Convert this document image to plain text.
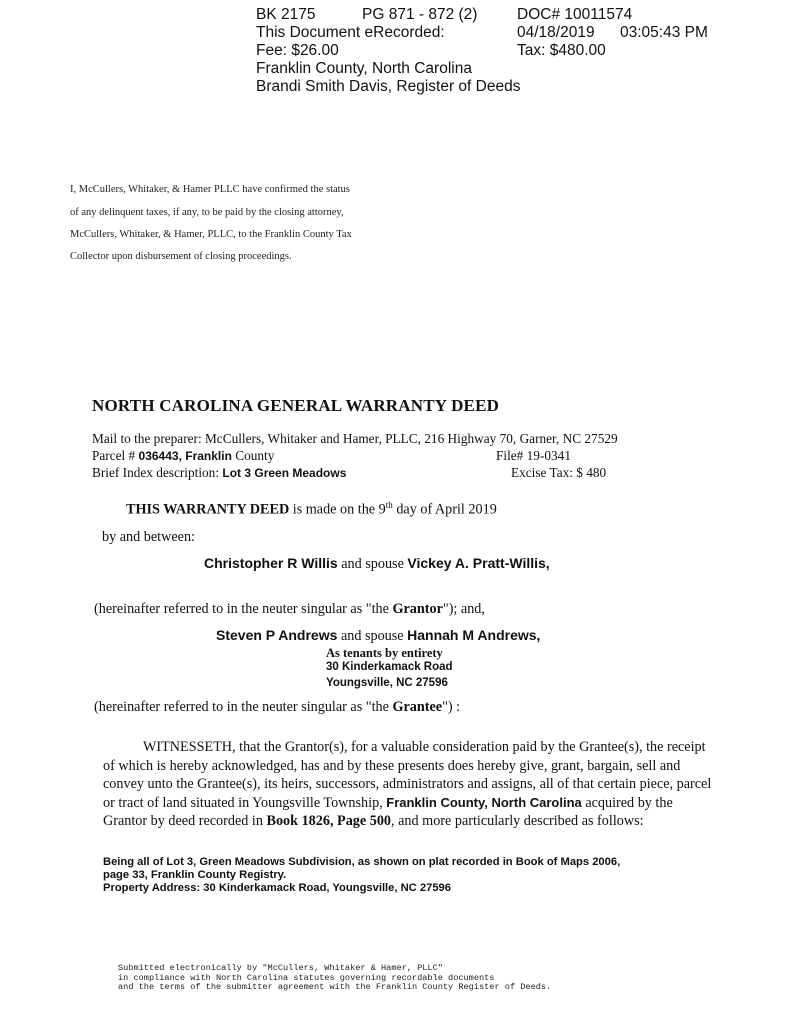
BK 2175	PG 871 - 872 (2)	DOC# 10011574
This Document eRecorded:	04/18/2019 03:05:43 PM
Fee: $26.00	Tax: $480.00
Franklin County, North Carolina
Brandi Smith Davis, Register of Deeds
I, McCullers, Whitaker, & Hamer PLLC have confirmed the status
of any delinquent taxes, if any, to be paid by the closing attorney,
McCullers, Whitaker, & Hamer, PLLC, to the Franklin County Tax
Collector upon disbursement of closing proceedings.
NORTH CAROLINA GENERAL WARRANTY DEED
Mail to the preparer: McCullers, Whitaker and Hamer, PLLC, 216 Highway 70, Garner, NC 27529
Parcel # 036443, Franklin County	File# 19-0341
Brief Index description: Lot 3 Green Meadows	Excise Tax: $ 480
THIS WARRANTY DEED is made on the 9th day of April 2019
by and between:
Christopher R Willis and spouse Vickey A. Pratt-Willis,
(hereinafter referred to in the neuter singular as "the Grantor"); and,
Steven P Andrews and spouse Hannah M Andrews,
As tenants by entirety
30 Kinderkamack Road
Youngsville, NC 27596
(hereinafter referred to in the neuter singular as "the Grantee") :
WITNESSETH, that the Grantor(s), for a valuable consideration paid by the Grantee(s), the receipt of which is hereby acknowledged, has and by these presents does hereby give, grant, bargain, sell and convey unto the Grantee(s), its heirs, successors, administrators and assigns, all of that certain piece, parcel or tract of land situated in Youngsville Township, Franklin County, North Carolina acquired by the Grantor by deed recorded in Book 1826, Page 500, and more particularly described as follows:
Being all of Lot 3, Green Meadows Subdivision, as shown on plat recorded in Book of Maps 2006,
page 33, Franklin County Registry.
Property Address: 30 Kinderkamack Road, Youngsville, NC 27596
Submitted electronically by "McCullers, Whitaker & Hamer, PLLC"
in compliance with North Carolina statutes governing recordable documents
and the terms of the submitter agreement with the Franklin County Register of Deeds.
